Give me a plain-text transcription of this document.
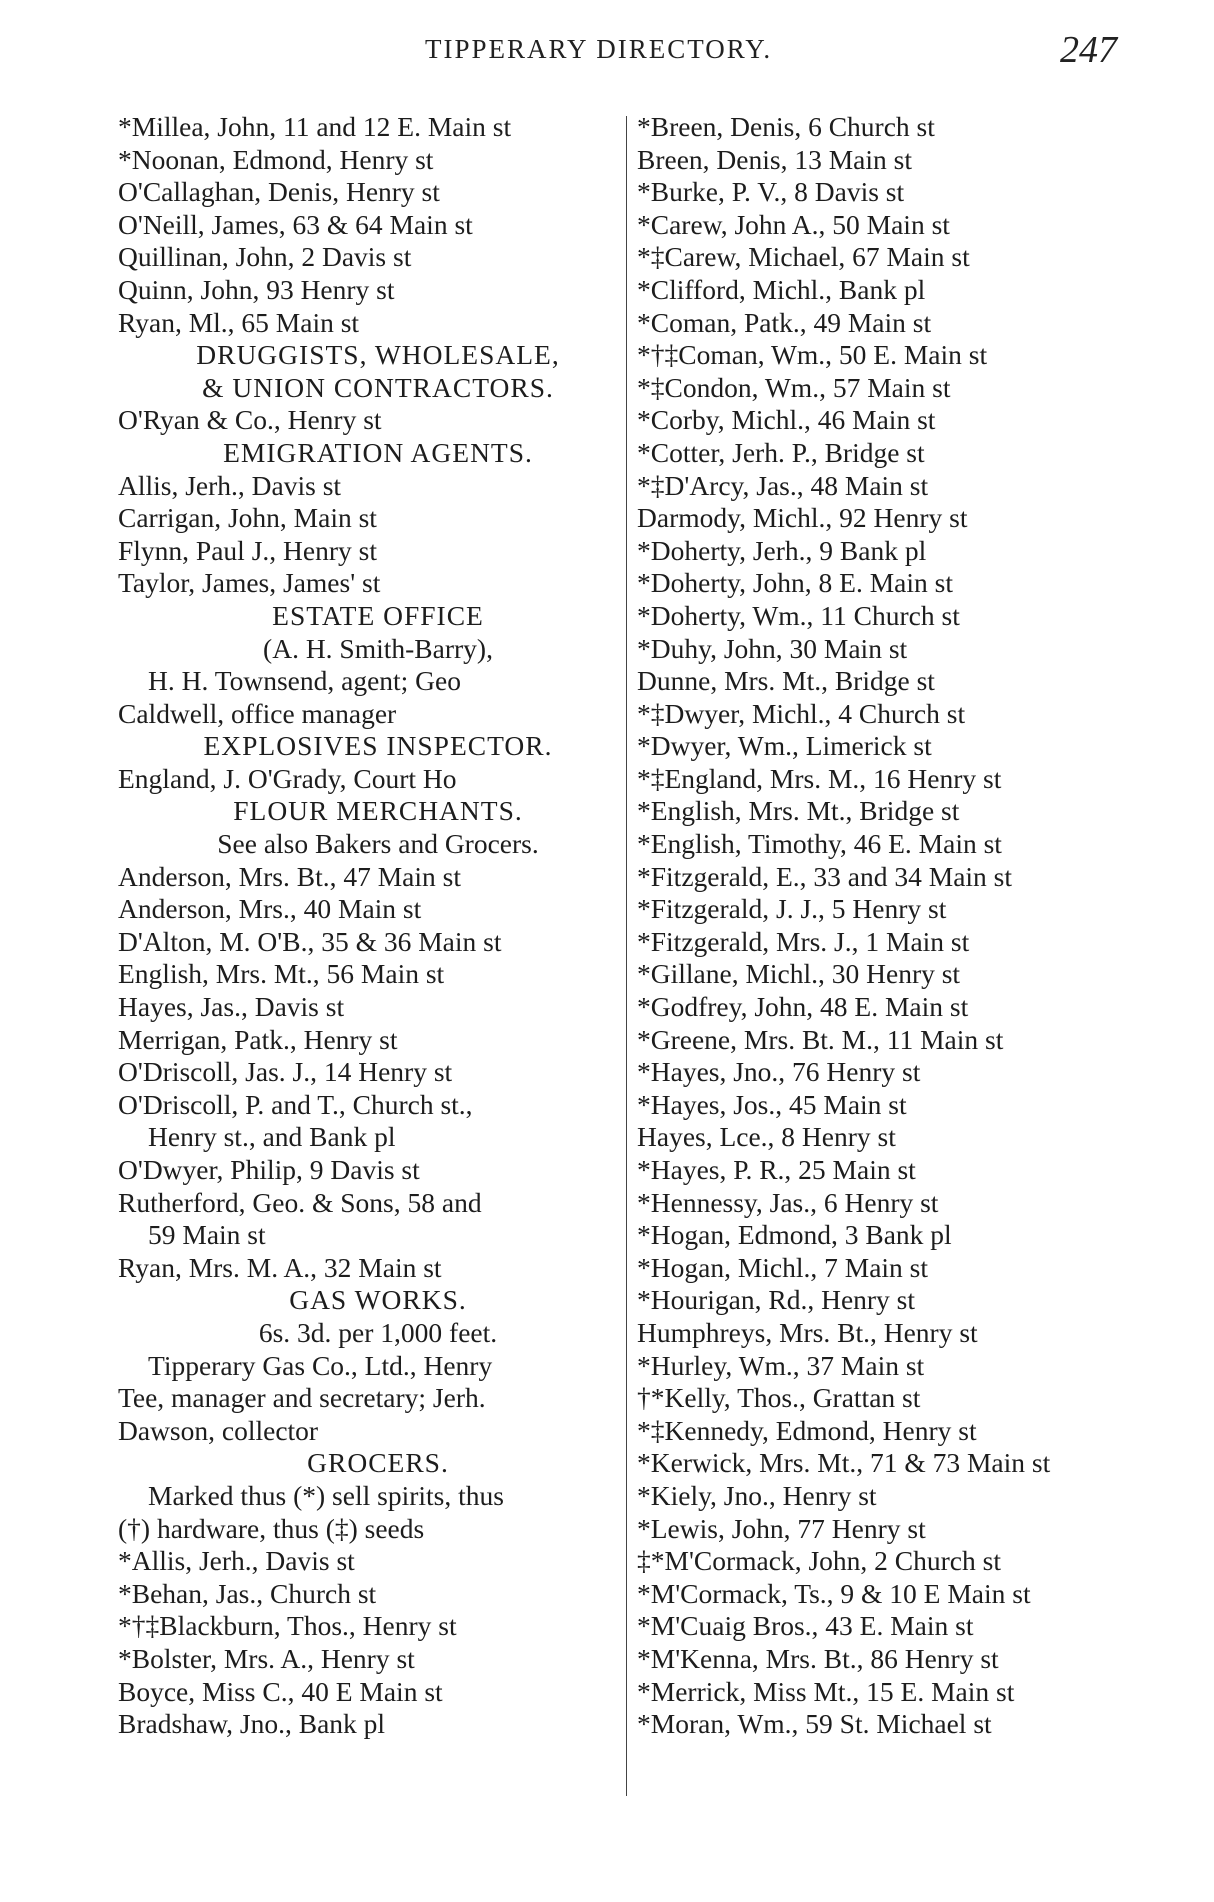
TIPPERARY DIRECTORY.	247
*Millea, John, 11 and 12 E. Main st
*Noonan, Edmond, Henry st
O'Callaghan, Denis, Henry st
O'Neill, James, 63 & 64 Main st
Quillinan, John, 2 Davis st
Quinn, John, 93 Henry st
Ryan, Ml., 65 Main st
DRUGGISTS, WHOLESALE,
& UNION CONTRACTORS.
O'Ryan & Co., Henry st
EMIGRATION AGENTS.
Allis, Jerh., Davis st
Carrigan, John, Main st
Flynn, Paul J., Henry st
Taylor, James, James' st
ESTATE OFFICE
(A. H. Smith-Barry),
H. H. Townsend, agent; Geo
Caldwell, office manager
EXPLOSIVES INSPECTOR.
England, J. O'Grady, Court Ho
FLOUR MERCHANTS.
See also Bakers and Grocers.
Anderson, Mrs. Bt., 47 Main st
Anderson, Mrs., 40 Main st
D'Alton, M. O'B., 35 & 36 Main st
English, Mrs. Mt., 56 Main st
Hayes, Jas., Davis st
Merrigan, Patk., Henry st
O'Driscoll, Jas. J., 14 Henry st
O'Driscoll, P. and T., Church st.,
Henry st., and Bank pl
O'Dwyer, Philip, 9 Davis st
Rutherford, Geo. & Sons, 58 and
59 Main st
Ryan, Mrs. M. A., 32 Main st
GAS WORKS.
6s. 3d. per 1,000 feet.
Tipperary Gas Co., Ltd., Henry
Tee, manager and secretary; Jerh.
Dawson, collector
GROCERS.
Marked thus (*) sell spirits, thus
(†) hardware, thus (‡) seeds
*Allis, Jerh., Davis st
*Behan, Jas., Church st
*†‡Blackburn, Thos., Henry st
*Bolster, Mrs. A., Henry st
Boyce, Miss C., 40 E Main st
Bradshaw, Jno., Bank pl
*Breen, Denis, 6 Church st
Breen, Denis, 13 Main st
*Burke, P. V., 8 Davis st
*Carew, John A., 50 Main st
*‡Carew, Michael, 67 Main st
*Clifford, Michl., Bank pl
*Coman, Patk., 49 Main st
*†‡Coman, Wm., 50 E. Main st
*‡Condon, Wm., 57 Main st
*Corby, Michl., 46 Main st
*Cotter, Jerh. P., Bridge st
*‡D'Arcy, Jas., 48 Main st
Darmody, Michl., 92 Henry st
*Doherty, Jerh., 9 Bank pl
*Doherty, John, 8 E. Main st
*Doherty, Wm., 11 Church st
*Duhy, John, 30 Main st
Dunne, Mrs. Mt., Bridge st
*‡Dwyer, Michl., 4 Church st
*Dwyer, Wm., Limerick st
*‡England, Mrs. M., 16 Henry st
*English, Mrs. Mt., Bridge st
*English, Timothy, 46 E. Main st
*Fitzgerald, E., 33 and 34 Main st
*Fitzgerald, J. J., 5 Henry st
*Fitzgerald, Mrs. J., 1 Main st
*Gillane, Michl., 30 Henry st
*Godfrey, John, 48 E. Main st
*Greene, Mrs. Bt. M., 11 Main st
*Hayes, Jno., 76 Henry st
*Hayes, Jos., 45 Main st
Hayes, Lce., 8 Henry st
*Hayes, P. R., 25 Main st
*Hennessy, Jas., 6 Henry st
*Hogan, Edmond, 3 Bank pl
*Hogan, Michl., 7 Main st
*Hourigan, Rd., Henry st
Humphreys, Mrs. Bt., Henry st
*Hurley, Wm., 37 Main st
†*Kelly, Thos., Grattan st
*‡Kennedy, Edmond, Henry st
*Kerwick, Mrs. Mt., 71 & 73 Main st
*Kiely, Jno., Henry st
*Lewis, John, 77 Henry st
‡*M'Cormack, John, 2 Church st
*M'Cormack, Ts., 9 & 10 E Main st
*M'Cuaig Bros., 43 E. Main st
*M'Kenna, Mrs. Bt., 86 Henry st
*Merrick, Miss Mt., 15 E. Main st
*Moran, Wm., 59 St. Michael st
